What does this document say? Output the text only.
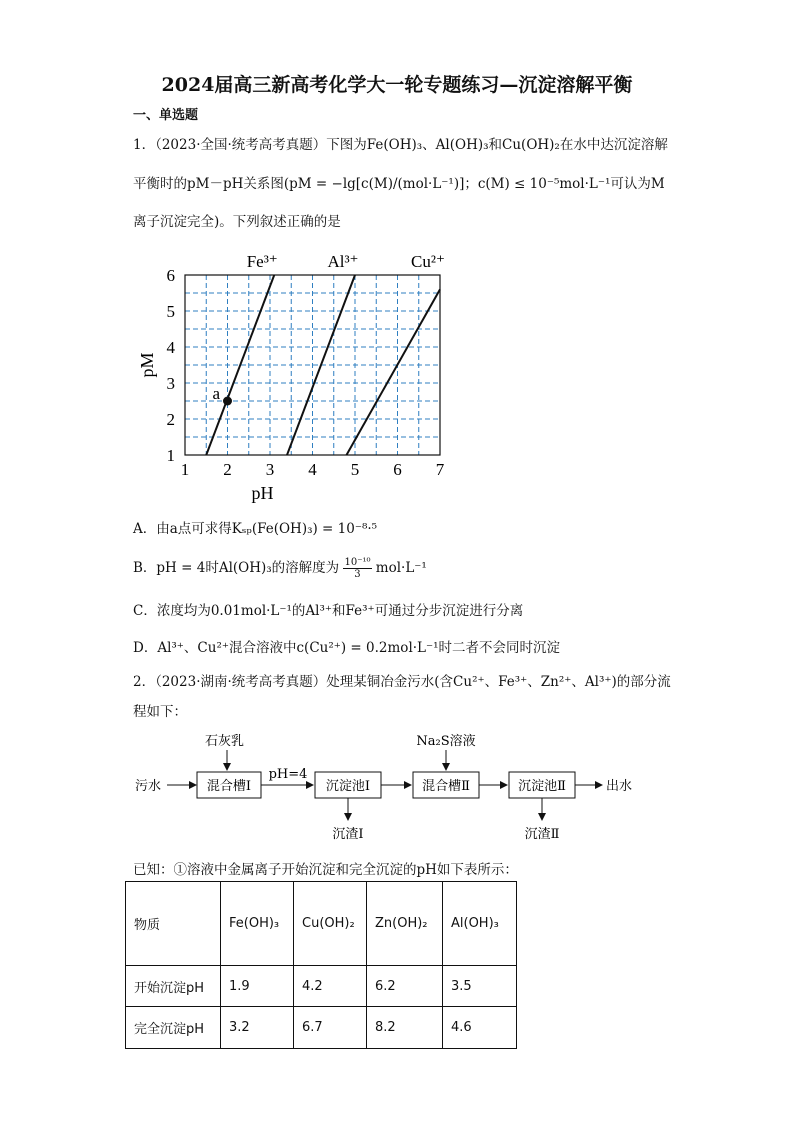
2024届高三新高考化学大一轮专题练习—沉淀溶解平衡
一、单选题
1．（2023·全国·统考高考真题）下图为Fe(OH)₃、Al(OH)₃和Cu(OH)₂在水中达沉淀溶解
平衡时的pM－pH关系图(pM = −lg[c(M)/(mol·L⁻¹)]；c(M) ≤ 10⁻⁵mol·L⁻¹可认为M
离子沉淀完全)。下列叙述正确的是
1 2 3 4 5 6 7
1
2
3
4
5
6
pH
pM
Fe³⁺	Al³⁺	Cu²⁺
a
A．由a点可求得Kₛₚ(Fe(OH)₃) = 10⁻⁸·⁵
B．pH = 4时Al(OH)₃的溶解度为 $\frac{\text{10⁻¹⁰}}{3} mol\cdot L^{-1}$
C．浓度均为0.01mol·L⁻¹的Al³⁺和Fe³⁺可通过分步沉淀进行分离
D．Al³⁺、Cu²⁺混合溶液中c(Cu²⁺) = 0.2mol·L⁻¹时二者不会同时沉淀
2．（2023·湖南·统考高考真题）处理某铜冶金污水(含Cu²⁺、Fe³⁺、Zn²⁺、Al³⁺)的部分流
程如下：
污水
石灰乳
混合槽Ⅰ
pH=4
沉淀池Ⅰ
沉渣Ⅰ
Na₂S溶液
混合槽Ⅱ	沉淀池Ⅱ
沉渣Ⅱ
出水
已知：①溶液中金属离子开始沉淀和完全沉淀的pH如下表所示：
物质	Fe(OH)₃	Cu(OH)₂	Zn(OH)₂	Al(OH)₃
开始沉淀pH	1.9	4.2	6.2	3.5
完全沉淀pH	3.2	6.7	8.2	4.6
